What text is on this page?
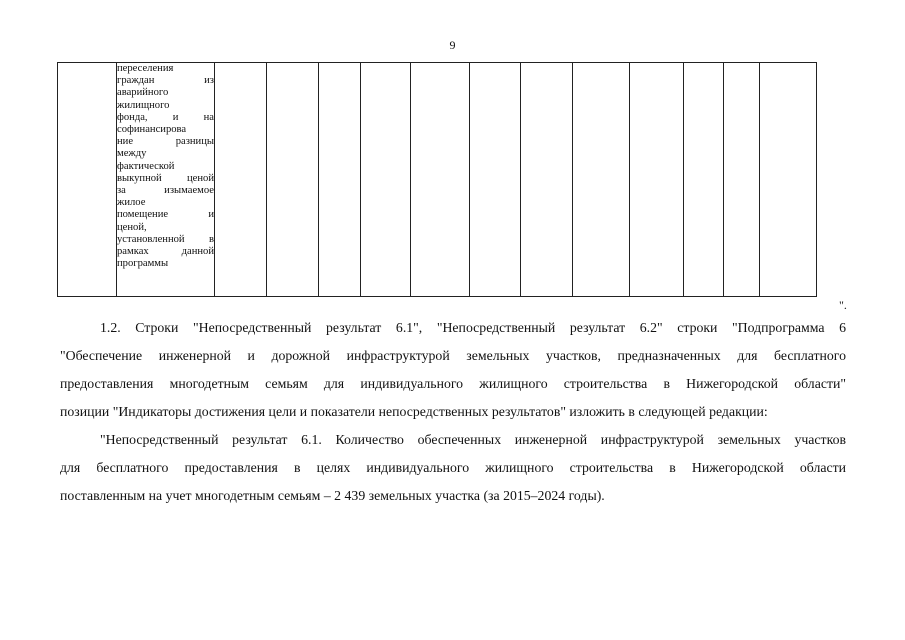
9

переселения
граждан из
аварийного
жилищного
фонда, и на
софинансирова
ние разницы
между
фактической
выкупной ценой
за изымаемое
жилое
помещение и
ценой,
установленной в
рамках данной
программы

".
1.2. Строки "Непосредственный результат 6.1", "Непосредственный результат 6.2" строки "Подпрограмма 6
"Обеспечение инженерной и дорожной инфраструктурой земельных участков, предназначенных для бесплатного
предоставления многодетным семьям для индивидуального жилищного строительства в Нижегородской области"
позиции "Индикаторы достижения цели и показатели непосредственных результатов" изложить в следующей редакции:
"Непосредственный результат 6.1. Количество обеспеченных инженерной инфраструктурой земельных участков
для бесплатного предоставления в целях индивидуального жилищного строительства в Нижегородской области
поставленным на учет многодетным семьям – 2 439 земельных участка (за 2015–2024 годы).
